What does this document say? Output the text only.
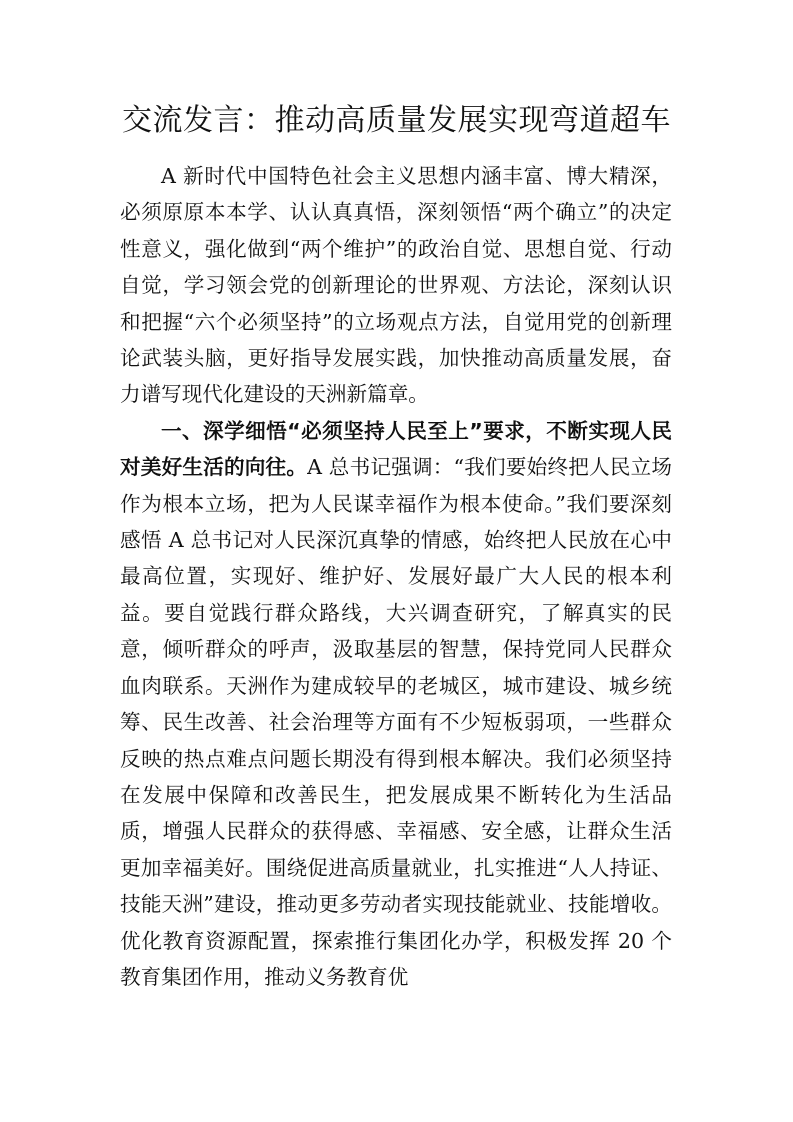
交流发言：推动高质量发展实现弯道超车

A 新时代中国特色社会主义思想内涵丰富、博大精深，必须原原本本学、认认真真悟，深刻领悟“两个确立”的决定性意义，强化做到“两个维护”的政治自觉、思想自觉、行动自觉，学习领会党的创新理论的世界观、方法论，深刻认识和把握“六个必须坚持”的立场观点方法，自觉用党的创新理论武装头脑，更好指导发展实践，加快推动高质量发展，奋力谱写现代化建设的天洲新篇章。

一、深学细悟“必须坚持人民至上”要求，不断实现人民对美好生活的向往。A 总书记强调：“我们要始终把人民立场作为根本立场，把为人民谋幸福作为根本使命。”我们要深刻感悟 A 总书记对人民深沉真挚的情感，始终把人民放在心中最高位置，实现好、维护好、发展好最广大人民的根本利益。要自觉践行群众路线，大兴调查研究，了解真实的民意，倾听群众的呼声，汲取基层的智慧，保持党同人民群众血肉联系。天洲作为建成较早的老城区，城市建设、城乡统筹、民生改善、社会治理等方面有不少短板弱项，一些群众反映的热点难点问题长期没有得到根本解决。我们必须坚持在发展中保障和改善民生，把发展成果不断转化为生活品质，增强人民群众的获得感、幸福感、安全感，让群众生活更加幸福美好。围绕促进高质量就业，扎实推进“人人持证、技能天洲”建设，推动更多劳动者实现技能就业、技能增收。优化教育资源配置，探索推行集团化办学，积极发挥 20 个教育集团作用，推动义务教育优
